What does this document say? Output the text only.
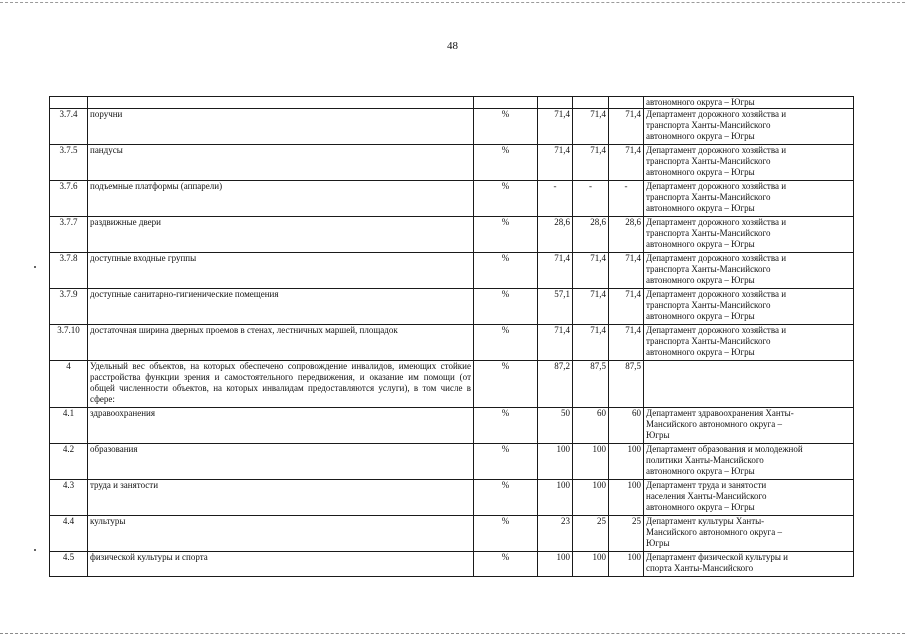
48
						автономного округа – Югры
3.7.4	поручни	%	71,4	71,4	71,4	Департамент дорожного хозяйства и
транспорта Ханты-Мансийского
автономного округа – Югры
3.7.5	пандусы	%	71,4	71,4	71,4	Департамент дорожного хозяйства и
транспорта Ханты-Мансийского
автономного округа – Югры
3.7.6	подъемные платформы (аппарели)	%	-	-	-	Департамент дорожного хозяйства и
транспорта Ханты-Мансийского
автономного округа – Югры
3.7.7	раздвижные двери	%	28,6	28,6	28,6	Департамент дорожного хозяйства и
транспорта Ханты-Мансийского
автономного округа – Югры
3.7.8	доступные входные группы	%	71,4	71,4	71,4	Департамент дорожного хозяйства и
транспорта Ханты-Мансийского
автономного округа – Югры
3.7.9	доступные санитарно-гигиенические помещения	%	57,1	71,4	71,4	Департамент дорожного хозяйства и
транспорта Ханты-Мансийского
автономного округа – Югры
3.7.10	достаточная ширина дверных проемов в стенах, лестничных маршей, площадок	%	71,4	71,4	71,4	Департамент дорожного хозяйства и
транспорта Ханты-Мансийского
автономного округа – Югры
4	Удельный вес объектов, на которых обеспечено сопровождение инвалидов, имеющих стойкие расстройства функции зрения и самостоятельного передвижения, и оказание им помощи (от общей численности объектов, на которых инвалидам предоставляются услуги), в том числе в сфере:	%	87,2	87,5	87,5	
4.1	здравоохранения	%	50	60	60	Департамент здравоохранения Ханты-
Мансийского автономного округа –
Югры
4.2	образования	%	100	100	100	Департамент образования и молодежной
политики Ханты-Мансийского
автономного округа – Югры
4.3	труда и занятости	%	100	100	100	Департамент труда и занятости
населения Ханты-Мансийского
автономного округа – Югры
4.4	культуры	%	23	25	25	Департамент культуры Ханты-
Мансийского автономного округа –
Югры
4.5	физической культуры и спорта	%	100	100	100	Департамент физической культуры и
спорта Ханты-Мансийского
